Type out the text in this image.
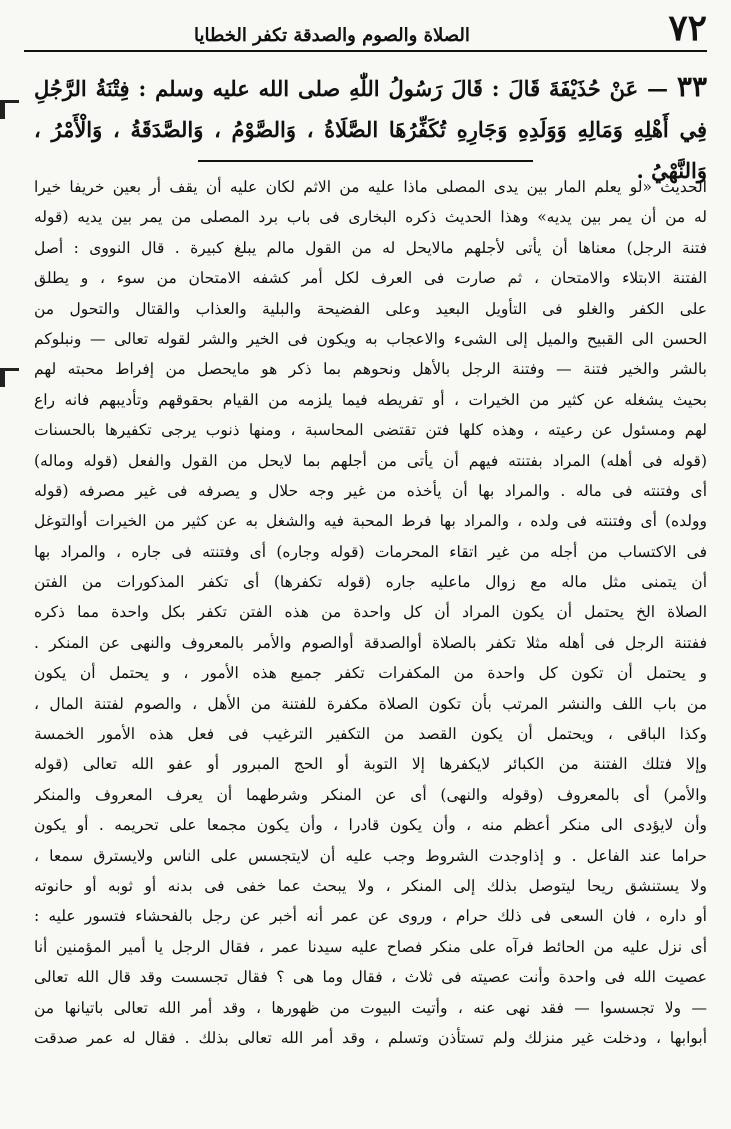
٧٢
الصلاة والصوم والصدقة تكفر الخطايا
٣٣ — عَنْ حُذَيْفَةَ قَالَ : قَالَ رَسُولُ اللّٰهِ صلى الله عليه وسلم : فِتْنَةُ الرَّجُلِ فِي أَهْلِهِ وَمَالِهِ وَوَلَدِهِ وَجَارِهِ تُكَفِّرُهَا الصَّلَاةُ ، وَالصَّوْمُ ، وَالصَّدَقَةُ ، وَالْأَمْرُ ، وَالنَّهْيُ .
الحديث «لو يعلم المار بين يدى المصلى ماذا عليه من الاثم لكان عليه أن يقف أر بعين خريفا خيرا
له من أن يمر بين يديه» وهذا الحديث ذكره البخارى فى باب برد المصلى من يمر بين يديه (قوله
فتنة الرجل) معناها أن يأتى لأجلهم مالايحل له من القول مالم يبلغ كبيرة . قال النووى : أصل
الفتنة الابتلاء والامتحان ، ثم صارت فى العرف لكل أمر كشفه الامتحان من سوء ، و يطلق
على الكفر والغلو فى التأويل البعيد وعلى الفضيحة والبلية والعذاب والقتال والتحول من
الحسن الى القبيح والميل إلى الشىء والاعجاب به ويكون فى الخير والشر لقوله تعالى — ونبلوكم
بالشر والخير فتنة — وفتنة الرجل بالأهل ونحوهم بما ذكر هو مايحصل من إفراط محبته لهم
بحيث يشغله عن كثير من الخيرات ، أو تفريطه فيما يلزمه من القيام بحقوقهم وتأديبهم فانه راع
لهم ومسئول عن رعيته ، وهذه كلها فتن تقتضى المحاسبة ، ومنها ذنوب يرجى تكفيرها بالحسنات
(قوله فى أهله) المراد بفتنته فيهم أن يأتى من أجلهم بما لايحل من القول والفعل (قوله وماله)
أى وفتنته فى ماله . والمراد بها أن يأخذه من غير وجه حلال و يصرفه فى غير مصرفه (قوله
وولده) أى وفتنته فى ولده ، والمراد بها فرط المحبة فيه والشغل به عن كثير من الخيرات أوالتوغل
فى الاكتساب من أجله من غير اتقاء المحرمات (قوله وجاره) أى وفتنته فى جاره ، والمراد بها
أن يتمنى مثل ماله مع زوال ماعليه جاره (قوله تكفرها) أى تكفر المذكورات من الفتن
الصلاة الخ يحتمل أن يكون المراد أن كل واحدة من هذه الفتن تكفر بكل واحدة مما ذكره
ففتنة الرجل فى أهله مثلا تكفر بالصلاة أوالصدقة أوالصوم والأمر بالمعروف والنهى عن المنكر .
و يحتمل أن تكون كل واحدة من المكفرات تكفر جميع هذه الأمور ، و يحتمل أن يكون
من باب اللف والنشر المرتب بأن تكون الصلاة مكفرة للفتنة من الأهل ، والصوم لفتنة المال ،
وكذا الباقى ، ويحتمل أن يكون القصد من التكفير الترغيب فى فعل هذه الأمور الخمسة
وإلا فتلك الفتنة من الكبائر لايكفرها إلا التوبة أو الحج المبرور أو عفو الله تعالى (قوله
والأمر) أى بالمعروف (وقوله والنهى) أى عن المنكر وشرطهما أن يعرف المعروف والمنكر
وأن لايؤدى الى منكر أعظم منه ، وأن يكون قادرا ، وأن يكون مجمعا على تحريمه . أو يكون
حراما عند الفاعل . و إذاوجدت الشروط وجب عليه أن لايتجسس على الناس ولايسترق سمعا ،
ولا يستنشق ريحا ليتوصل بذلك إلى المنكر ، ولا يبحث عما خفى فى بدنه أو ثوبه أو حانوته
أو داره ، فان السعى فى ذلك حرام ، وروى عن عمر أنه أخبر عن رجل بالفحشاء فتسور عليه :
أى نزل عليه من الحائط فرآه على منكر فصاح عليه سيدنا عمر ، فقال الرجل يا أمير المؤمنين أنا
عصيت الله فى واحدة وأنت عصيته فى ثلاث ، فقال وما هى ؟ فقال تجسست وقد قال الله تعالى
— ولا تجسسوا — فقد نهى عنه ، وأتيت البيوت من ظهورها ، وقد أمر الله تعالى باتيانها من
أبوابها ، ودخلت غير منزلك ولم تستأذن وتسلم ، وقد أمر الله تعالى بذلك . فقال له عمر صدقت
